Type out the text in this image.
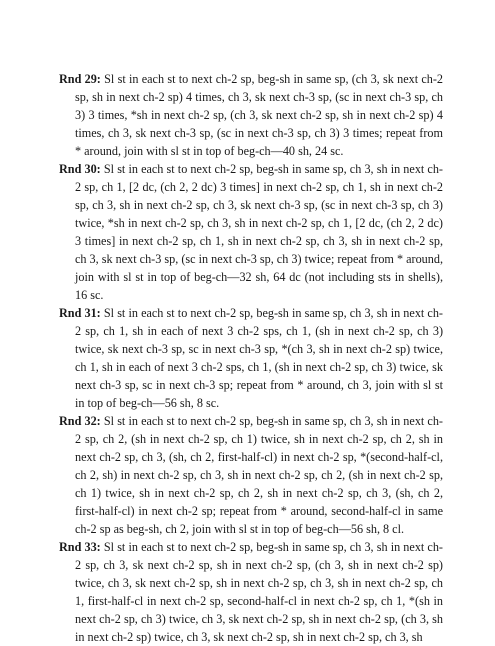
Rnd 29: Sl st in each st to next ch-2 sp, beg-sh in same sp, (ch 3, sk next ch-2 sp, sh in next ch-2 sp) 4 times, ch 3, sk next ch-3 sp, (sc in next ch-3 sp, ch 3) 3 times, *sh in next ch-2 sp, (ch 3, sk next ch-2 sp, sh in next ch-2 sp) 4 times, ch 3, sk next ch-3 sp, (sc in next ch-3 sp, ch 3) 3 times; repeat from * around, join with sl st in top of beg-ch—40 sh, 24 sc.

Rnd 30: Sl st in each st to next ch-2 sp, beg-sh in same sp, ch 3, sh in next ch-2 sp, ch 1, [2 dc, (ch 2, 2 dc) 3 times] in next ch-2 sp, ch 1, sh in next ch-2 sp, ch 3, sh in next ch-2 sp, ch 3, sk next ch-3 sp, (sc in next ch-3 sp, ch 3) twice, *sh in next ch-2 sp, ch 3, sh in next ch-2 sp, ch 1, [2 dc, (ch 2, 2 dc) 3 times] in next ch-2 sp, ch 1, sh in next ch-2 sp, ch 3, sh in next ch-2 sp, ch 3, sk next ch-3 sp, (sc in next ch-3 sp, ch 3) twice; repeat from * around, join with sl st in top of beg-ch—32 sh, 64 dc (not including sts in shells), 16 sc.

Rnd 31: Sl st in each st to next ch-2 sp, beg-sh in same sp, ch 3, sh in next ch-2 sp, ch 1, sh in each of next 3 ch-2 sps, ch 1, (sh in next ch-2 sp, ch 3) twice, sk next ch-3 sp, sc in next ch-3 sp, *(ch 3, sh in next ch-2 sp) twice, ch 1, sh in each of next 3 ch-2 sps, ch 1, (sh in next ch-2 sp, ch 3) twice, sk next ch-3 sp, sc in next ch-3 sp; repeat from * around, ch 3, join with sl st in top of beg-ch—56 sh, 8 sc.

Rnd 32: Sl st in each st to next ch-2 sp, beg-sh in same sp, ch 3, sh in next ch-2 sp, ch 2, (sh in next ch-2 sp, ch 1) twice, sh in next ch-2 sp, ch 2, sh in next ch-2 sp, ch 3, (sh, ch 2, first-half-cl) in next ch-2 sp, *(second-half-cl, ch 2, sh) in next ch-2 sp, ch 3, sh in next ch-2 sp, ch 2, (sh in next ch-2 sp, ch 1) twice, sh in next ch-2 sp, ch 2, sh in next ch-2 sp, ch 3, (sh, ch 2, first-half-cl) in next ch-2 sp; repeat from * around, second-half-cl in same ch-2 sp as beg-sh, ch 2, join with sl st in top of beg-ch—56 sh, 8 cl.

Rnd 33: Sl st in each st to next ch-2 sp, beg-sh in same sp, ch 3, sh in next ch-2 sp, ch 3, sk next ch-2 sp, sh in next ch-2 sp, (ch 3, sh in next ch-2 sp) twice, ch 3, sk next ch-2 sp, sh in next ch-2 sp, ch 3, sh in next ch-2 sp, ch 1, first-half-cl in next ch-2 sp, second-half-cl in next ch-2 sp, ch 1, *(sh in next ch-2 sp, ch 3) twice, ch 3, sk next ch-2 sp, sh in next ch-2 sp, (ch 3, sh in next ch-2 sp) twice, ch 3, sk next ch-2 sp, sh in next ch-2 sp, ch 3, sh
